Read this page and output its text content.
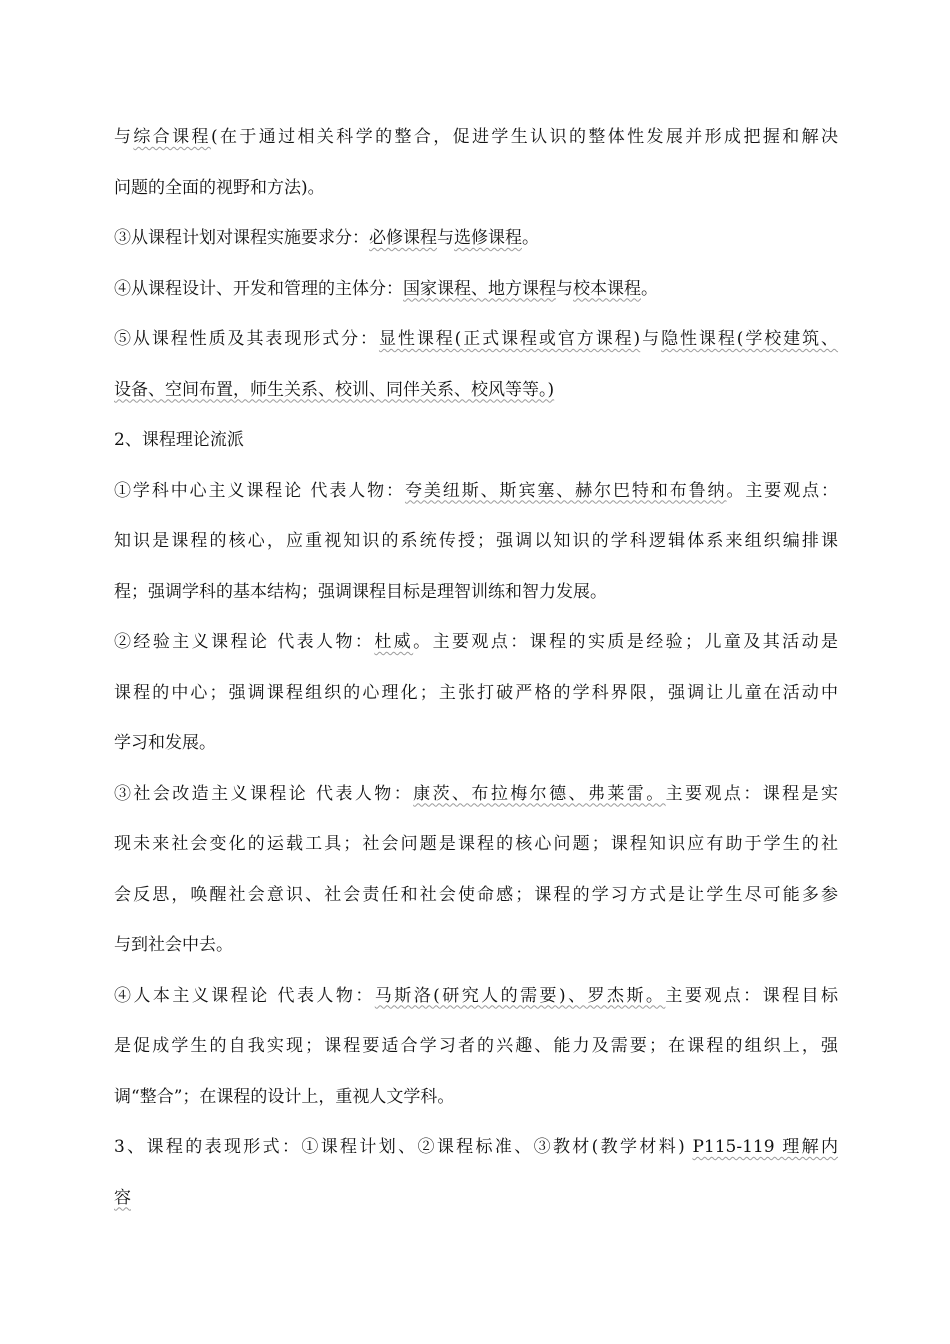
与综合课程(在于通过相关科学的整合，促进学生认识的整体性发展并形成把握和解决
问题的全面的视野和方法)。
③从课程计划对课程实施要求分：必修课程与选修课程。
④从课程设计、开发和管理的主体分：国家课程、地方课程与校本课程。
⑤从课程性质及其表现形式分：显性课程(正式课程或官方课程)与隐性课程(学校建筑、
设备、空间布置，师生关系、校训、同伴关系、校风等等。)
2、课程理论流派
①学科中心主义课程论 代表人物：夸美纽斯、斯宾塞、赫尔巴特和布鲁纳。主要观点：
知识是课程的核心，应重视知识的系统传授；强调以知识的学科逻辑体系来组织编排课
程；强调学科的基本结构；强调课程目标是理智训练和智力发展。
②经验主义课程论 代表人物：杜威。主要观点：课程的实质是经验；儿童及其活动是
课程的中心；强调课程组织的心理化；主张打破严格的学科界限，强调让儿童在活动中
学习和发展。
③社会改造主义课程论 代表人物：康茨、布拉梅尔德、弗莱雷。主要观点：课程是实
现未来社会变化的运载工具；社会问题是课程的核心问题；课程知识应有助于学生的社
会反思，唤醒社会意识、社会责任和社会使命感；课程的学习方式是让学生尽可能多参
与到社会中去。
④人本主义课程论 代表人物：马斯洛(研究人的需要)、罗杰斯。主要观点：课程目标
是促成学生的自我实现；课程要适合学习者的兴趣、能力及需要；在课程的组织上，强
调“整合”；在课程的设计上，重视人文学科。
3、课程的表现形式：①课程计划、②课程标准、③教材(教学材料) P115-119 理解内
容
